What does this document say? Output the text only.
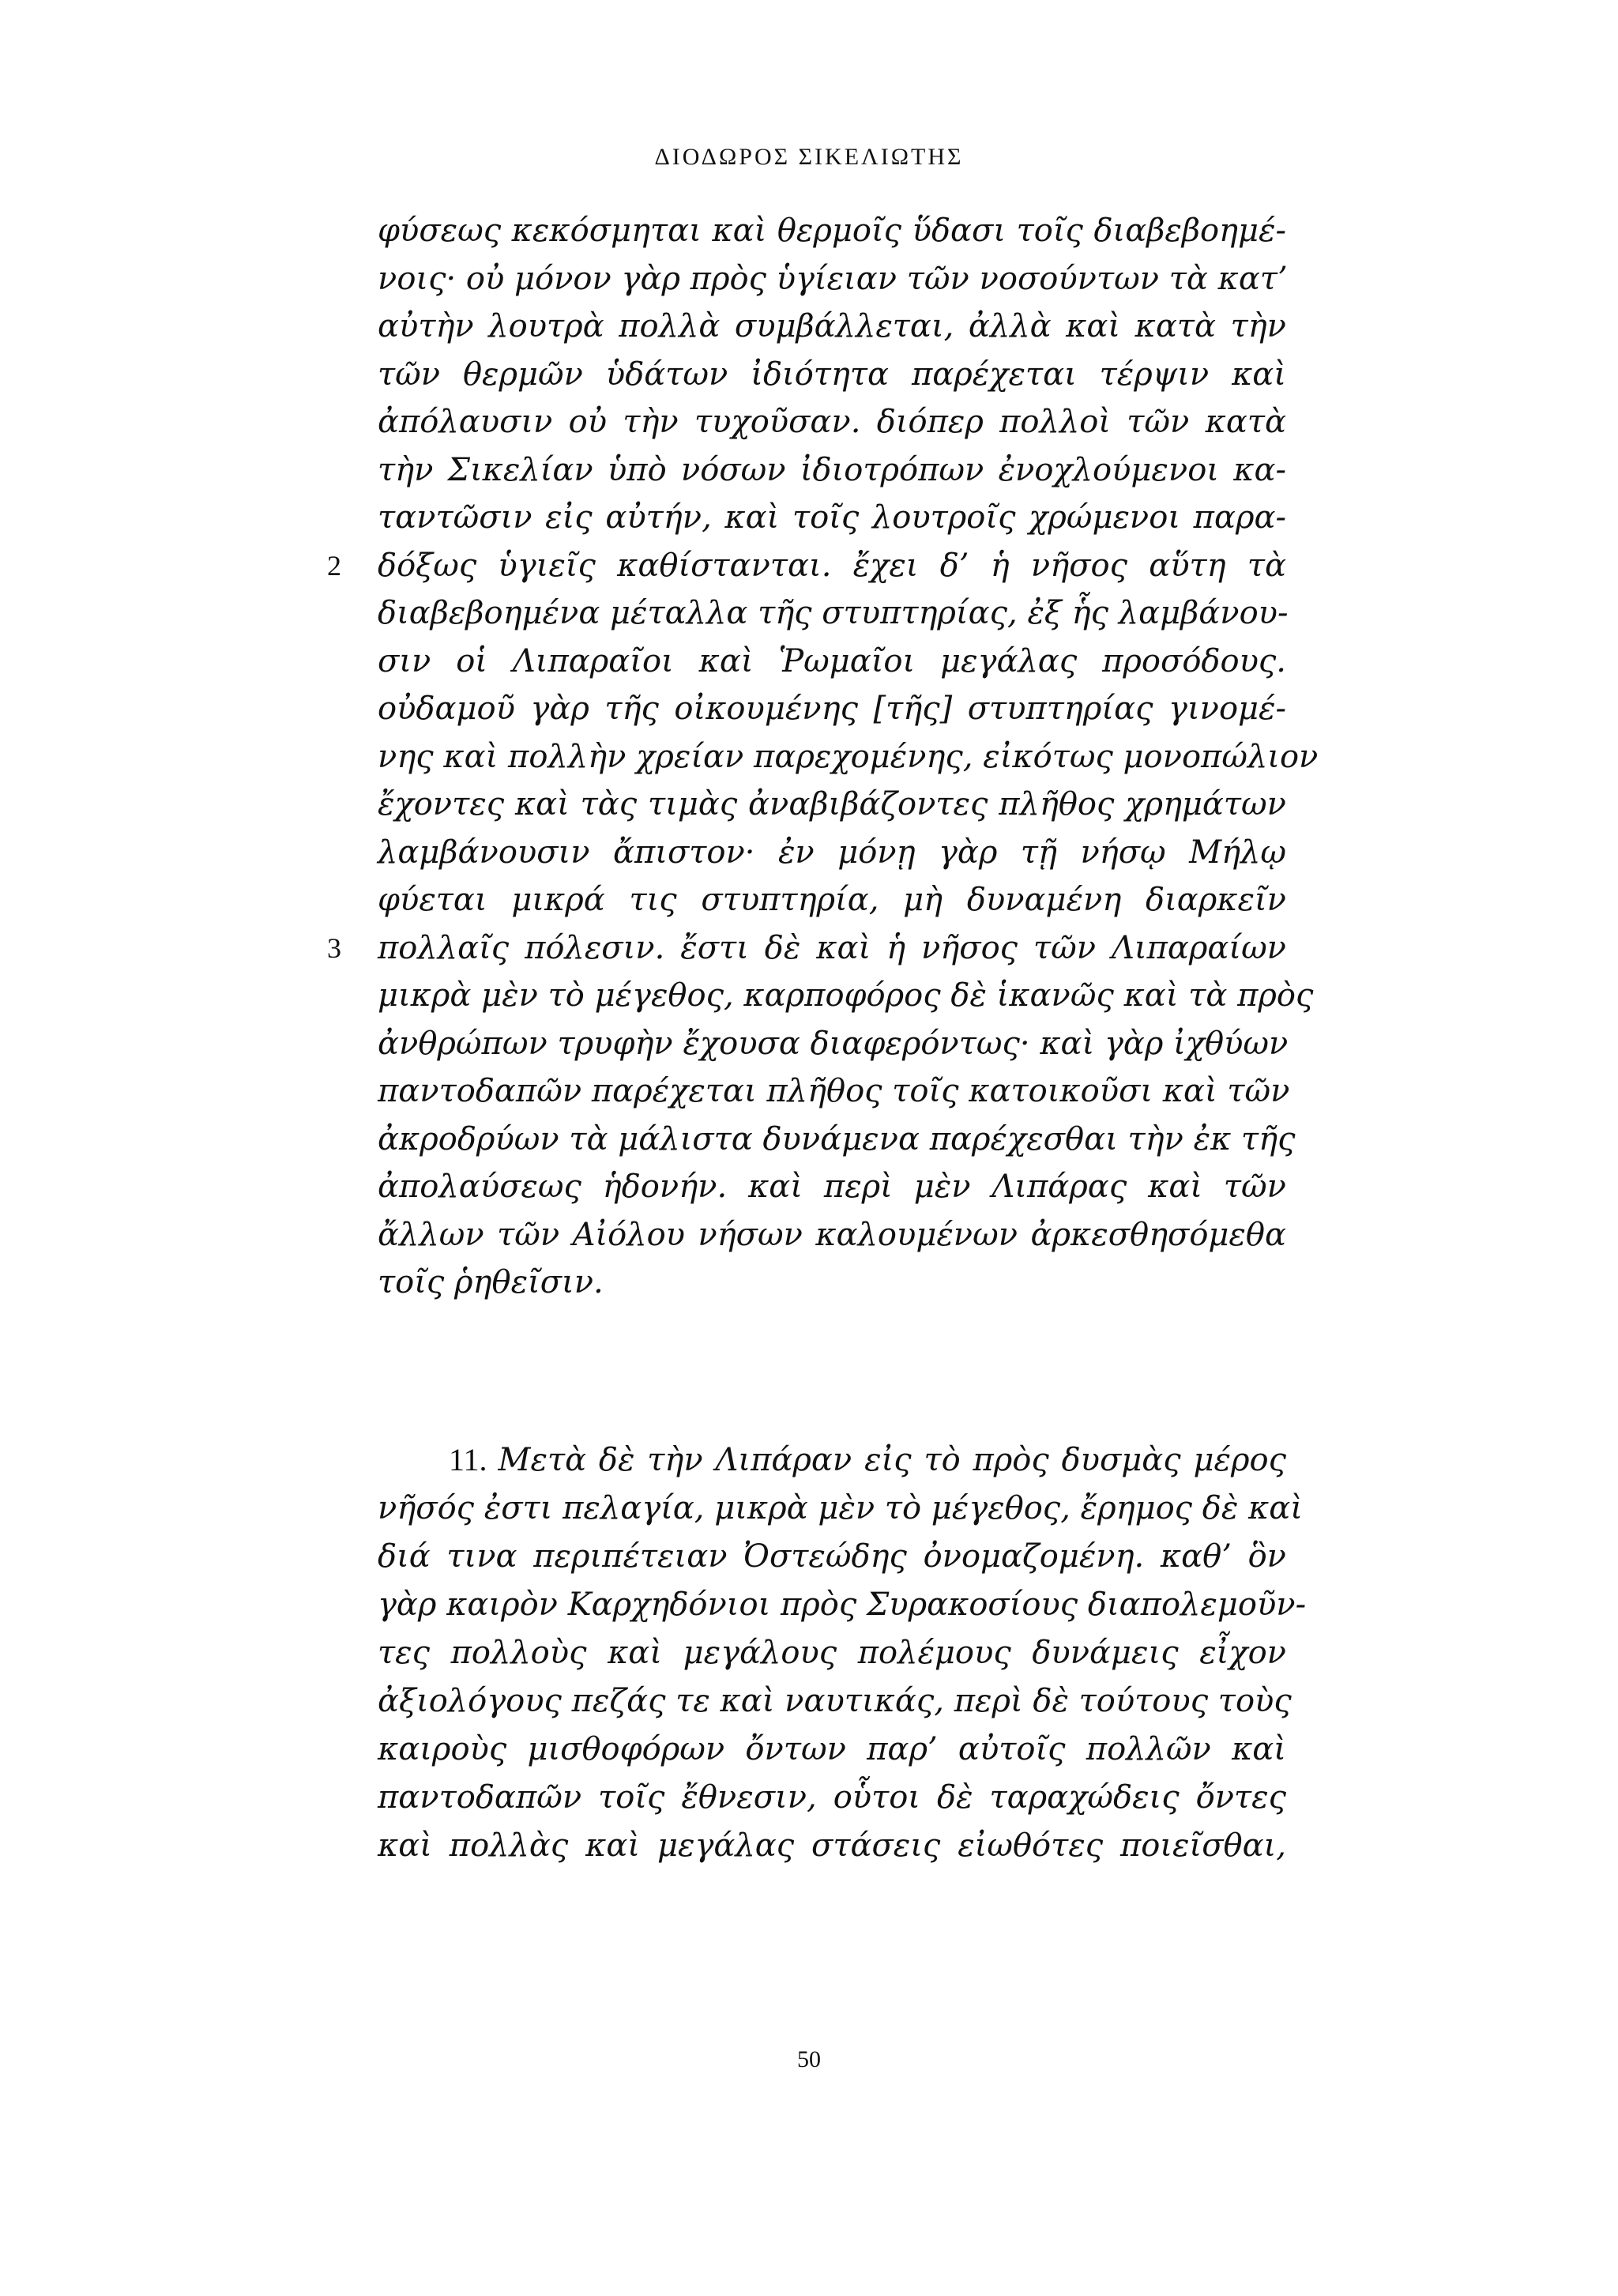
ΔΙΟΔΩΡΟΣ ΣΙΚΕΛΙΩΤΗΣ
φύσεως κεκόσμηται καὶ θερμοῖς ὕδασι τοῖς διαβεβοημέ-
νοις· οὐ μόνον γὰρ πρὸς ὑγίειαν τῶν νοσούντων τὰ κατ’
αὐτὴν λουτρὰ πολλὰ συμβάλλεται, ἀλλὰ καὶ κατὰ τὴν
τῶν θερμῶν ὑδάτων ἰδιότητα παρέχεται τέρψιν καὶ
ἀπόλαυσιν οὐ τὴν τυχοῦσαν. διόπερ πολλοὶ τῶν κατὰ
τὴν Σικελίαν ὑπὸ νόσων ἰδιοτρόπων ἐνοχλούμενοι κα-
ταντῶσιν εἰς αὐτήν, καὶ τοῖς λουτροῖς χρώμενοι παρα-
2 δόξως ὑγιεῖς καθίστανται. ἔχει δ’ ἡ νῆσος αὕτη τὰ
διαβεβοημένα μέταλλα τῆς στυπτηρίας, ἐξ ἧς λαμβάνου-
σιν οἱ Λιπαραῖοι καὶ Ῥωμαῖοι μεγάλας προσόδους.
οὐδαμοῦ γὰρ τῆς οἰκουμένης [τῆς] στυπτηρίας γινομέ-
νης καὶ πολλὴν χρείαν παρεχομένης, εἰκότως μονοπώλιον
ἔχοντες καὶ τὰς τιμὰς ἀναβιβάζοντες πλῆθος χρημάτων
λαμβάνουσιν ἄπιστον· ἐν μόνῃ γὰρ τῇ νήσῳ Μήλῳ
φύεται μικρά τις στυπτηρία, μὴ δυναμένη διαρκεῖν
3 πολλαῖς πόλεσιν. ἔστι δὲ καὶ ἡ νῆσος τῶν Λιπαραίων
μικρὰ μὲν τὸ μέγεθος, καρποφόρος δὲ ἱκανῶς καὶ τὰ πρὸς
ἀνθρώπων τρυφὴν ἔχουσα διαφερόντως· καὶ γὰρ ἰχθύων
παντοδαπῶν παρέχεται πλῆθος τοῖς κατοικοῦσι καὶ τῶν
ἀκροδρύων τὰ μάλιστα δυνάμενα παρέχεσθαι τὴν ἐκ τῆς
ἀπολαύσεως ἡδονήν. καὶ περὶ μὲν Λιπάρας καὶ τῶν
ἄλλων τῶν Αἰόλου νήσων καλουμένων ἀρκεσθησόμεθα
τοῖς ῥηθεῖσιν.
11. Μετὰ δὲ τὴν Λιπάραν εἰς τὸ πρὸς δυσμὰς μέρος
νῆσός ἐστι πελαγία, μικρὰ μὲν τὸ μέγεθος, ἔρημος δὲ καὶ
διά τινα περιπέτειαν Ὀστεώδης ὀνομαζομένη. καθ’ ὃν
γὰρ καιρὸν Καρχηδόνιοι πρὸς Συρακοσίους διαπολεμοῦν-
τες πολλοὺς καὶ μεγάλους πολέμους δυνάμεις εἶχον
ἀξιολόγους πεζάς τε καὶ ναυτικάς, περὶ δὲ τούτους τοὺς
καιροὺς μισθοφόρων ὄντων παρ’ αὐτοῖς πολλῶν καὶ
παντοδαπῶν τοῖς ἔθνεσιν, οὗτοι δὲ ταραχώδεις ὄντες
καὶ πολλὰς καὶ μεγάλας στάσεις εἰωθότες ποιεῖσθαι,
50
